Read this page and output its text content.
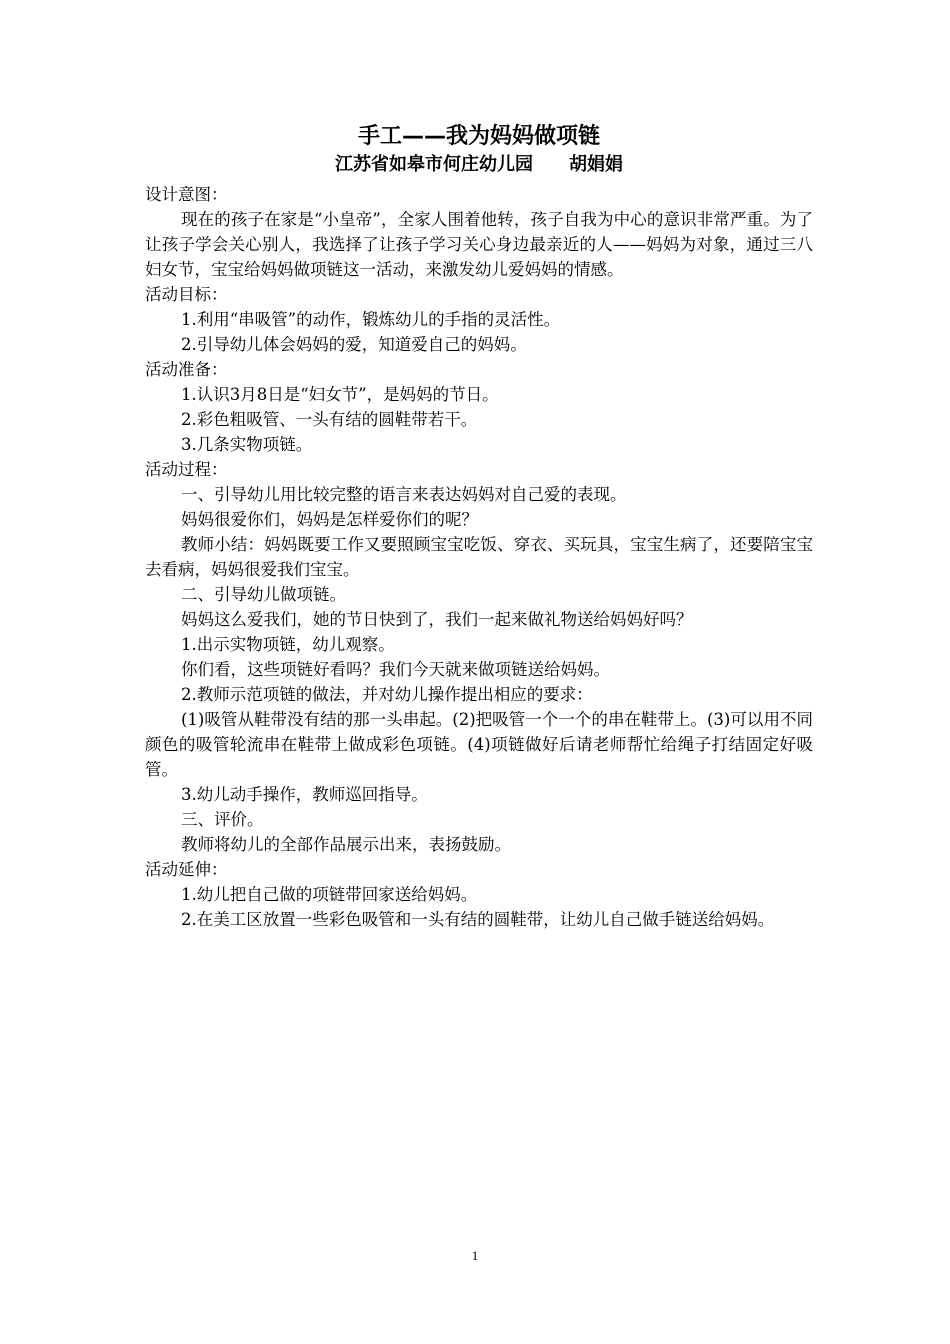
手工——我为妈妈做项链

江苏省如皋市何庄幼儿园 胡娟娟

设计意图：

现在的孩子在家是“小皇帝”，全家人围着他转，孩子自我为中心的意识非常严重。为了让孩子学会关心别人，我选择了让孩子学习关心身边最亲近的人——妈妈为对象，通过三八妇女节，宝宝给妈妈做项链这一活动，来激发幼儿爱妈妈的情感。

活动目标：

1.利用“串吸管”的动作，锻炼幼儿的手指的灵活性。

2.引导幼儿体会妈妈的爱，知道爱自己的妈妈。

活动准备：

1.认识3月8日是“妇女节”，是妈妈的节日。

2.彩色粗吸管、一头有结的圆鞋带若干。

3.几条实物项链。

活动过程：

一、引导幼儿用比较完整的语言来表达妈妈对自己爱的表现。

妈妈很爱你们，妈妈是怎样爱你们的呢？

教师小结：妈妈既要工作又要照顾宝宝吃饭、穿衣、买玩具，宝宝生病了，还要陪宝宝去看病，妈妈很爱我们宝宝。

二、引导幼儿做项链。

妈妈这么爱我们，她的节日快到了，我们一起来做礼物送给妈妈好吗？

1.出示实物项链，幼儿观察。

你们看，这些项链好看吗？我们今天就来做项链送给妈妈。

2.教师示范项链的做法，并对幼儿操作提出相应的要求：

(1)吸管从鞋带没有结的那一头串起。(2)把吸管一个一个的串在鞋带上。(3)可以用不同颜色的吸管轮流串在鞋带上做成彩色项链。(4)项链做好后请老师帮忙给绳子打结固定好吸管。

3.幼儿动手操作，教师巡回指导。

三、评价。

教师将幼儿的全部作品展示出来，表扬鼓励。

活动延伸：

1.幼儿把自己做的项链带回家送给妈妈。

2.在美工区放置一些彩色吸管和一头有结的圆鞋带，让幼儿自己做手链送给妈妈。

1
